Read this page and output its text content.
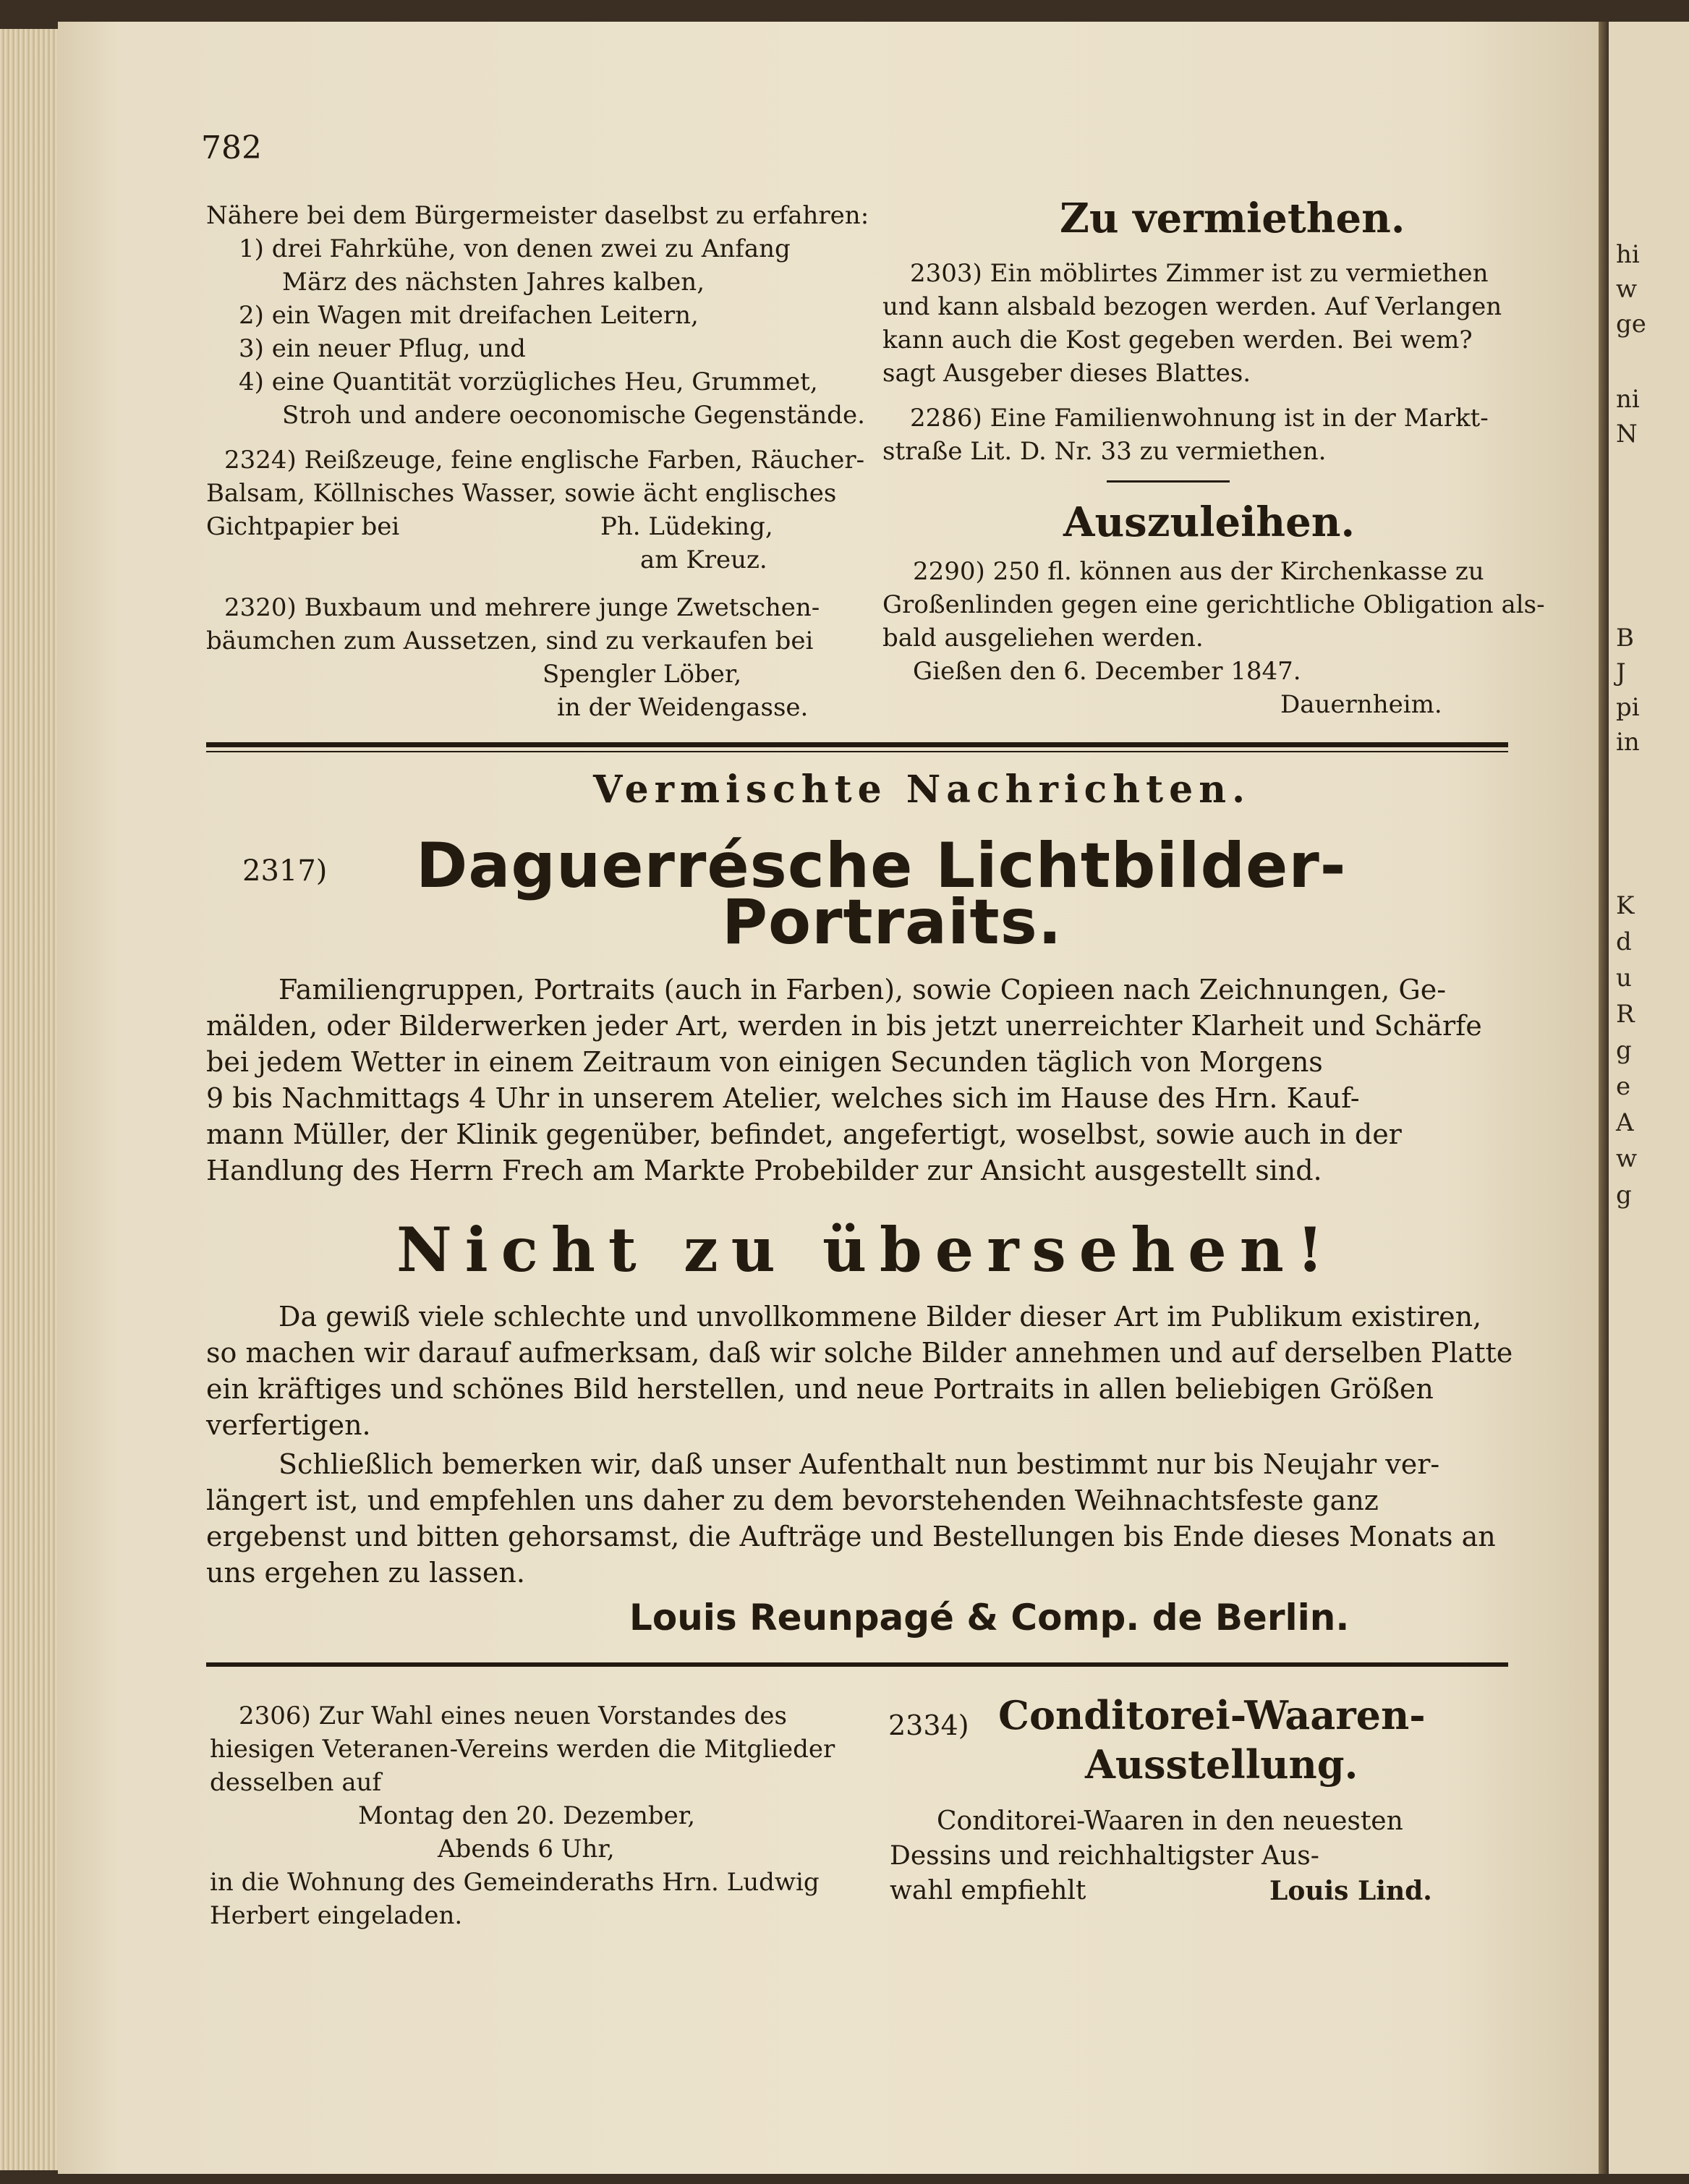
hi
w
ge
ni
N
B
J
pi
in
K
d
u
R
g
e
A
w
g
782
Nähere bei dem Bürgermeister daselbst zu erfahren:
1) drei Fahrkühe, von denen zwei zu Anfang
März des nächsten Jahres kalben,
2) ein Wagen mit dreifachen Leitern,
3) ein neuer Pflug, und
4) eine Quantität vorzügliches Heu, Grummet,
Stroh und andere oeconomische Gegenstände.
2324) Reißzeuge, feine englische Farben, Räucher-
Balsam, Köllnisches Wasser, sowie ächt englisches
Gichtpapier bei	Ph. Lüdeking,
am Kreuz.
2320) Buxbaum und mehrere junge Zwetschen-
bäumchen zum Aussetzen, sind zu verkaufen bei
Spengler Löber,
in der Weidengasse.
Zu vermiethen.
2303) Ein möblirtes Zimmer ist zu vermiethen
und kann alsbald bezogen werden. Auf Verlangen
kann auch die Kost gegeben werden. Bei wem?
sagt Ausgeber dieses Blattes.
2286) Eine Familienwohnung ist in der Markt-
straße Lit. D. Nr. 33 zu vermiethen.
Auszuleihen.
2290) 250 fl. können aus der Kirchenkasse zu
Großenlinden gegen eine gerichtliche Obligation als-
bald ausgeliehen werden.
Gießen den 6. December 1847.
Dauernheim.
Vermischte Nachrichten.
2317) Daguerrésche Lichtbilder-
Portraits.
Familiengruppen, Portraits (auch in Farben), sowie Copieen nach Zeichnungen, Ge-
mälden, oder Bilderwerken jeder Art, werden in bis jetzt unerreichter Klarheit und Schärfe
bei jedem Wetter in einem Zeitraum von einigen Secunden täglich von Morgens
9 bis Nachmittags 4 Uhr in unserem Atelier, welches sich im Hause des Hrn. Kauf-
mann Müller, der Klinik gegenüber, befindet, angefertigt, woselbst, sowie auch in der
Handlung des Herrn Frech am Markte Probebilder zur Ansicht ausgestellt sind.
Nicht zu übersehen!
Da gewiß viele schlechte und unvollkommene Bilder dieser Art im Publikum existiren,
so machen wir darauf aufmerksam, daß wir solche Bilder annehmen und auf derselben Platte
ein kräftiges und schönes Bild herstellen, und neue Portraits in allen beliebigen Größen
verfertigen.
Schließlich bemerken wir, daß unser Aufenthalt nun bestimmt nur bis Neujahr ver-
längert ist, und empfehlen uns daher zu dem bevorstehenden Weihnachtsfeste ganz
ergebenst und bitten gehorsamst, die Aufträge und Bestellungen bis Ende dieses Monats an
uns ergehen zu lassen.
Louis Reunpagé & Comp. de Berlin.
2306) Zur Wahl eines neuen Vorstandes des
hiesigen Veteranen-Vereins werden die Mitglieder
desselben auf
Montag den 20. Dezember,
Abends 6 Uhr,
in die Wohnung des Gemeinderaths Hrn. Ludwig
Herbert eingeladen.
2334) Conditorei-Waaren-
Ausstellung.
Conditorei-Waaren in den neuesten
Dessins und reichhaltigster Aus-
wahl empfiehlt	Louis Lind.
